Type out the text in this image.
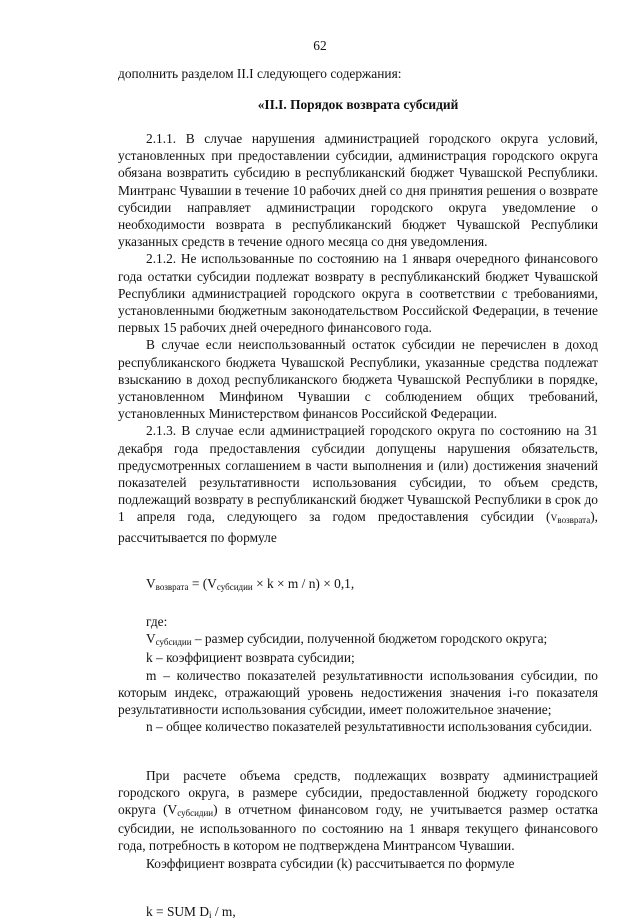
62
дополнить разделом II.I следующего содержания:
«II.I. Порядок возврата субсидий

2.1.1. В случае нарушения администрацией городского округа условий, установленных при предоставлении субсидии, администрация городского округа обязана возвратить субсидию в республиканский бюджет Чувашской Республики. Минтранс Чувашии в течение 10 рабочих дней со дня принятия решения о возврате субсидии направляет администрации городского округа уведомление о необходимости возврата в республиканский бюджет Чувашской Республики указанных средств в течение одного месяца со дня уведомления.

2.1.2. Не использованные по состоянию на 1 января очередного финансового года остатки субсидии подлежат возврату в республиканский бюджет Чувашской Республики администрацией городского округа в соответствии с требованиями, установленными бюджетным законодательством Российской Федерации, в течение первых 15 рабочих дней очередного финансового года.

В случае если неиспользованный остаток субсидии не перечислен в доход республиканского бюджета Чувашской Республики, указанные средства подлежат взысканию в доход республиканского бюджета Чувашской Республики в порядке, установленном Минфином Чувашии с соблюдением общих требований, установленных Министерством финансов Российской Федерации.

2.1.3. В случае если администрацией городского округа по состоянию на 31 декабря года предоставления субсидии допущены нарушения обязательств, предусмотренных соглашением в части выполнения и (или) достижения значений показателей результативности использования субсидии, то объем средств, подлежащий возврату в республиканский бюджет Чувашской Республики в срок до 1 апреля года, следующего за годом предоставления субсидии (Vвозврата), рассчитывается по формуле

Vвозврата = (Vсубсидии × k × m / n) × 0,1,

где:

Vсубсидии – размер субсидии, полученной бюджетом городского округа;

k – коэффициент возврата субсидии;

m – количество показателей результативности использования субсидии, по которым индекс, отражающий уровень недостижения значения i-го показателя результативности использования субсидии, имеет положительное значение;

n – общее количество показателей результативности использования субсидии.

При расчете объема средств, подлежащих возврату администрацией городского округа, в размере субсидии, предоставленной бюджету городского округа (Vсубсидии) в отчетном финансовом году, не учитывается размер остатка субсидии, не использованного по состоянию на 1 января текущего финансового года, потребность в котором не подтверждена Минтрансом Чувашии.

Коэффициент возврата субсидии (k) рассчитывается по формуле

k = SUM Di / m,
